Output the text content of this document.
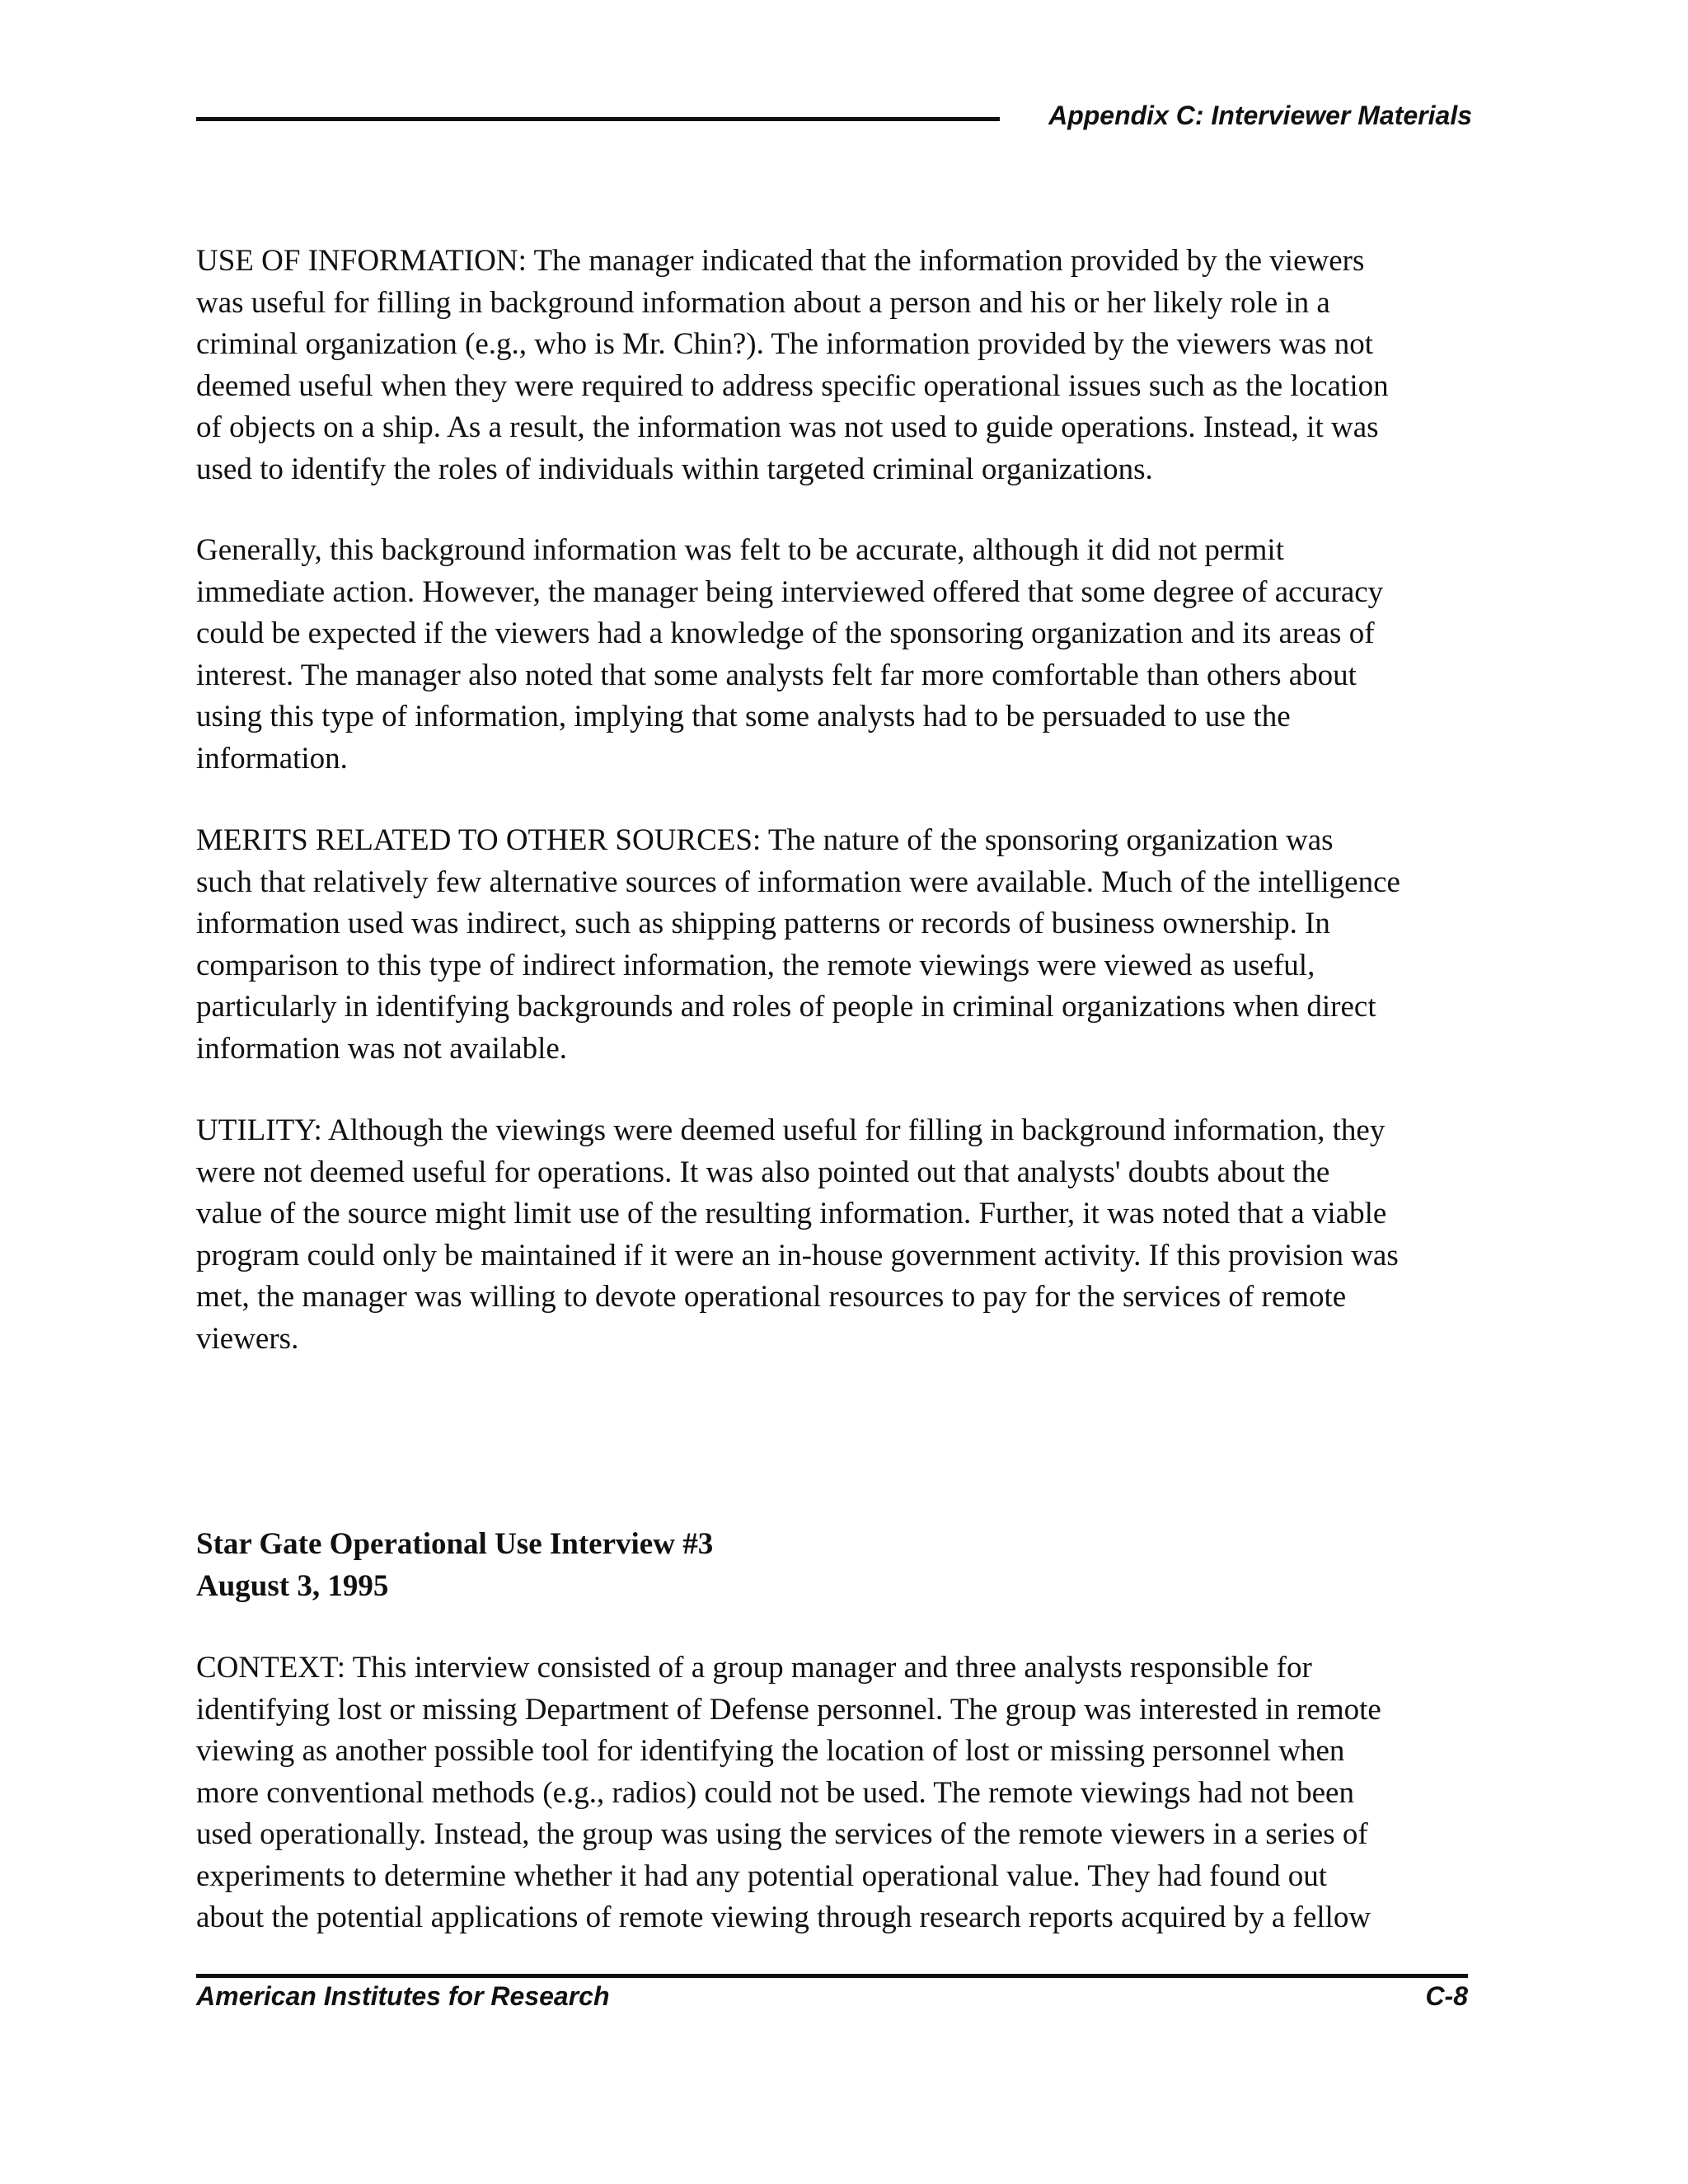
Appendix C: Interviewer Materials
USE OF INFORMATION: The manager indicated that the information provided by the viewers
was useful for filling in background information about a person and his or her likely role in a
criminal organization (e.g., who is Mr. Chin?). The information provided by the viewers was not
deemed useful when they were required to address specific operational issues such as the location
of objects on a ship. As a result, the information was not used to guide operations. Instead, it was
used to identify the roles of individuals within targeted criminal organizations.
Generally, this background information was felt to be accurate, although it did not permit
immediate action. However, the manager being interviewed offered that some degree of accuracy
could be expected if the viewers had a knowledge of the sponsoring organization and its areas of
interest. The manager also noted that some analysts felt far more comfortable than others about
using this type of information, implying that some analysts had to be persuaded to use the
information.
MERITS RELATED TO OTHER SOURCES: The nature of the sponsoring organization was
such that relatively few alternative sources of information were available. Much of the intelligence
information used was indirect, such as shipping patterns or records of business ownership. In
comparison to this type of indirect information, the remote viewings were viewed as useful,
particularly in identifying backgrounds and roles of people in criminal organizations when direct
information was not available.
UTILITY: Although the viewings were deemed useful for filling in background information, they
were not deemed useful for operations. It was also pointed out that analysts' doubts about the
value of the source might limit use of the resulting information. Further, it was noted that a viable
program could only be maintained if it were an in-house government activity. If this provision was
met, the manager was willing to devote operational resources to pay for the services of remote
viewers.
Star Gate Operational Use Interview #3
August 3, 1995
CONTEXT: This interview consisted of a group manager and three analysts responsible for
identifying lost or missing Department of Defense personnel. The group was interested in remote
viewing as another possible tool for identifying the location of lost or missing personnel when
more conventional methods (e.g., radios) could not be used. The remote viewings had not been
used operationally. Instead, the group was using the services of the remote viewers in a series of
experiments to determine whether it had any potential operational value. They had found out
about the potential applications of remote viewing through research reports acquired by a fellow
American Institutes for Research	C-8
